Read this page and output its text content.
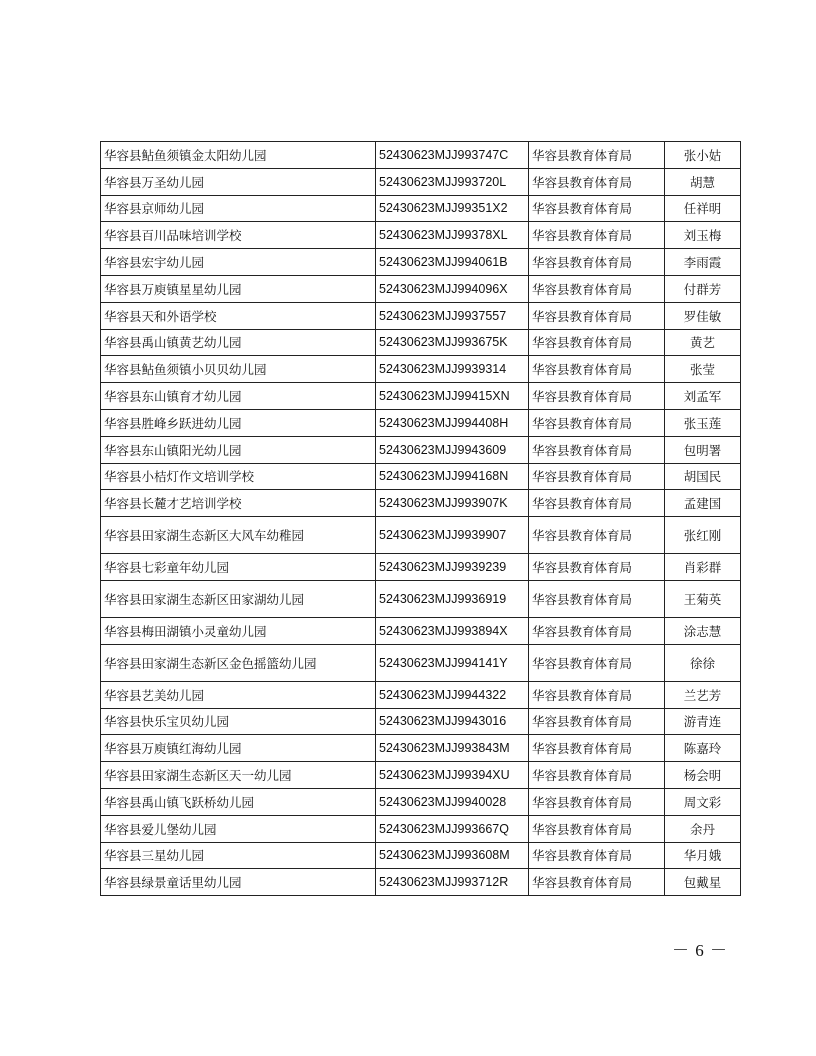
华容县鲇鱼须镇金太阳幼儿园	52430623MJJ993747C	华容县教育体育局	张小姑
华容县万圣幼儿园	52430623MJJ993720L	华容县教育体育局	胡慧
华容县京师幼儿园	52430623MJJ99351X2	华容县教育体育局	任祥明
华容县百川品味培训学校	52430623MJJ99378XL	华容县教育体育局	刘玉梅
华容县宏宇幼儿园	52430623MJJ994061B	华容县教育体育局	李雨霞
华容县万庾镇星星幼儿园	52430623MJJ994096X	华容县教育体育局	付群芳
华容县天和外语学校	52430623MJJ9937557	华容县教育体育局	罗佳敏
华容县禹山镇黄艺幼儿园	52430623MJJ993675K	华容县教育体育局	黄艺
华容县鲇鱼须镇小贝贝幼儿园	52430623MJJ9939314	华容县教育体育局	张莹
华容县东山镇育才幼儿园	52430623MJJ99415XN	华容县教育体育局	刘孟军
华容县胜峰乡跃进幼儿园	52430623MJJ994408H	华容县教育体育局	张玉莲
华容县东山镇阳光幼儿园	52430623MJJ9943609	华容县教育体育局	包明署
华容县小桔灯作文培训学校	52430623MJJ994168N	华容县教育体育局	胡国民
华容县长麓才艺培训学校	52430623MJJ993907K	华容县教育体育局	孟建国
华容县田家湖生态新区大风车幼稚园	52430623MJJ9939907	华容县教育体育局	张红刚
华容县七彩童年幼儿园	52430623MJJ9939239	华容县教育体育局	肖彩群
华容县田家湖生态新区田家湖幼儿园	52430623MJJ9936919	华容县教育体育局	王菊英
华容县梅田湖镇小灵童幼儿园	52430623MJJ993894X	华容县教育体育局	涂志慧
华容县田家湖生态新区金色摇篮幼儿园	52430623MJJ994141Y	华容县教育体育局	徐徐
华容县艺美幼儿园	52430623MJJ9944322	华容县教育体育局	兰艺芳
华容县快乐宝贝幼儿园	52430623MJJ9943016	华容县教育体育局	游青连
华容县万庾镇红海幼儿园	52430623MJJ993843M	华容县教育体育局	陈嘉玲
华容县田家湖生态新区天一幼儿园	52430623MJJ99394XU	华容县教育体育局	杨会明
华容县禹山镇飞跃桥幼儿园	52430623MJJ9940028	华容县教育体育局	周文彩
华容县爱儿堡幼儿园	52430623MJJ993667Q	华容县教育体育局	余丹
华容县三星幼儿园	52430623MJJ993608M	华容县教育体育局	华月娥
华容县绿景童话里幼儿园	52430623MJJ993712R	华容县教育体育局	包戴星
－ 6 －
